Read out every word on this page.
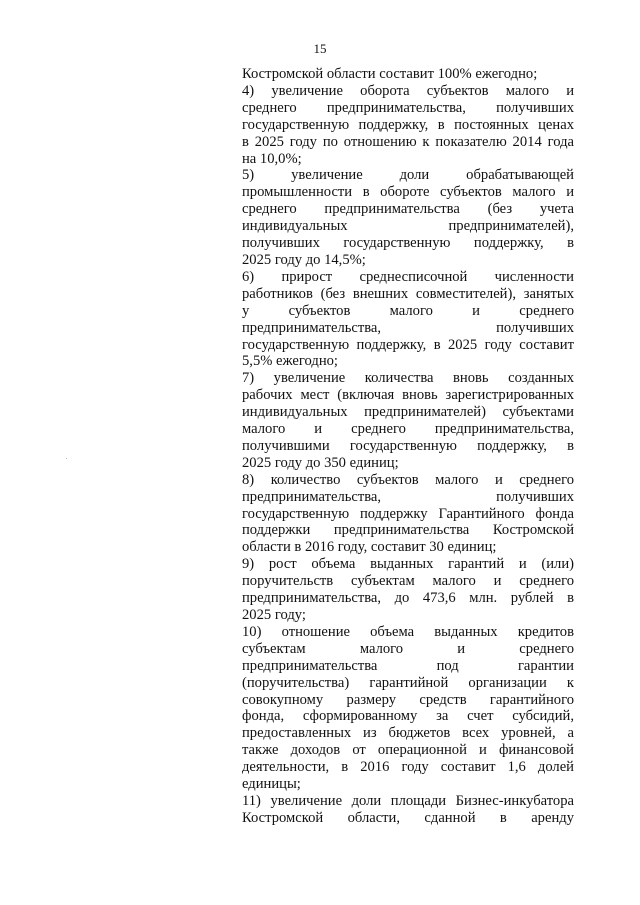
15

Костромской области составит 100% ежегодно;

4) увеличение оборота субъектов малого и

среднего предпринимательства, получивших

государственную поддержку, в постоянных ценах

в 2025 году по отношению к показателю 2014 года

на 10,0%;

5) увеличение доли обрабатывающей

промышленности в обороте субъектов малого и

среднего предпринимательства (без учета

индивидуальных предпринимателей),

получивших государственную поддержку, в

2025 году до 14,5%;

6) прирост среднесписочной численности

работников (без внешних совместителей), занятых

у субъектов малого и среднего

предпринимательства, получивших

государственную поддержку, в 2025 году составит

5,5% ежегодно;

7) увеличение количества вновь созданных

рабочих мест (включая вновь зарегистрированных

индивидуальных предпринимателей) субъектами

малого и среднего предпринимательства,

получившими государственную поддержку, в

2025 году до 350 единиц;

8) количество субъектов малого и среднего

предпринимательства, получивших

государственную поддержку Гарантийного фонда

поддержки предпринимательства Костромской

области в 2016 году, составит 30 единиц;

9) рост объема выданных гарантий и (или)

поручительств субъектам малого и среднего

предпринимательства, до 473,6 млн. рублей в

2025 году;

10) отношение объема выданных кредитов

субъектам малого и среднего

предпринимательства под гарантии

(поручительства) гарантийной организации к

совокупному размеру средств гарантийного

фонда, сформированному за счет субсидий,

предоставленных из бюджетов всех уровней, а

также доходов от операционной и финансовой

деятельности, в 2016 году составит 1,6 долей

единицы;

11) увеличение доли площади Бизнес-инкубатора

Костромской области, сданной в аренду
